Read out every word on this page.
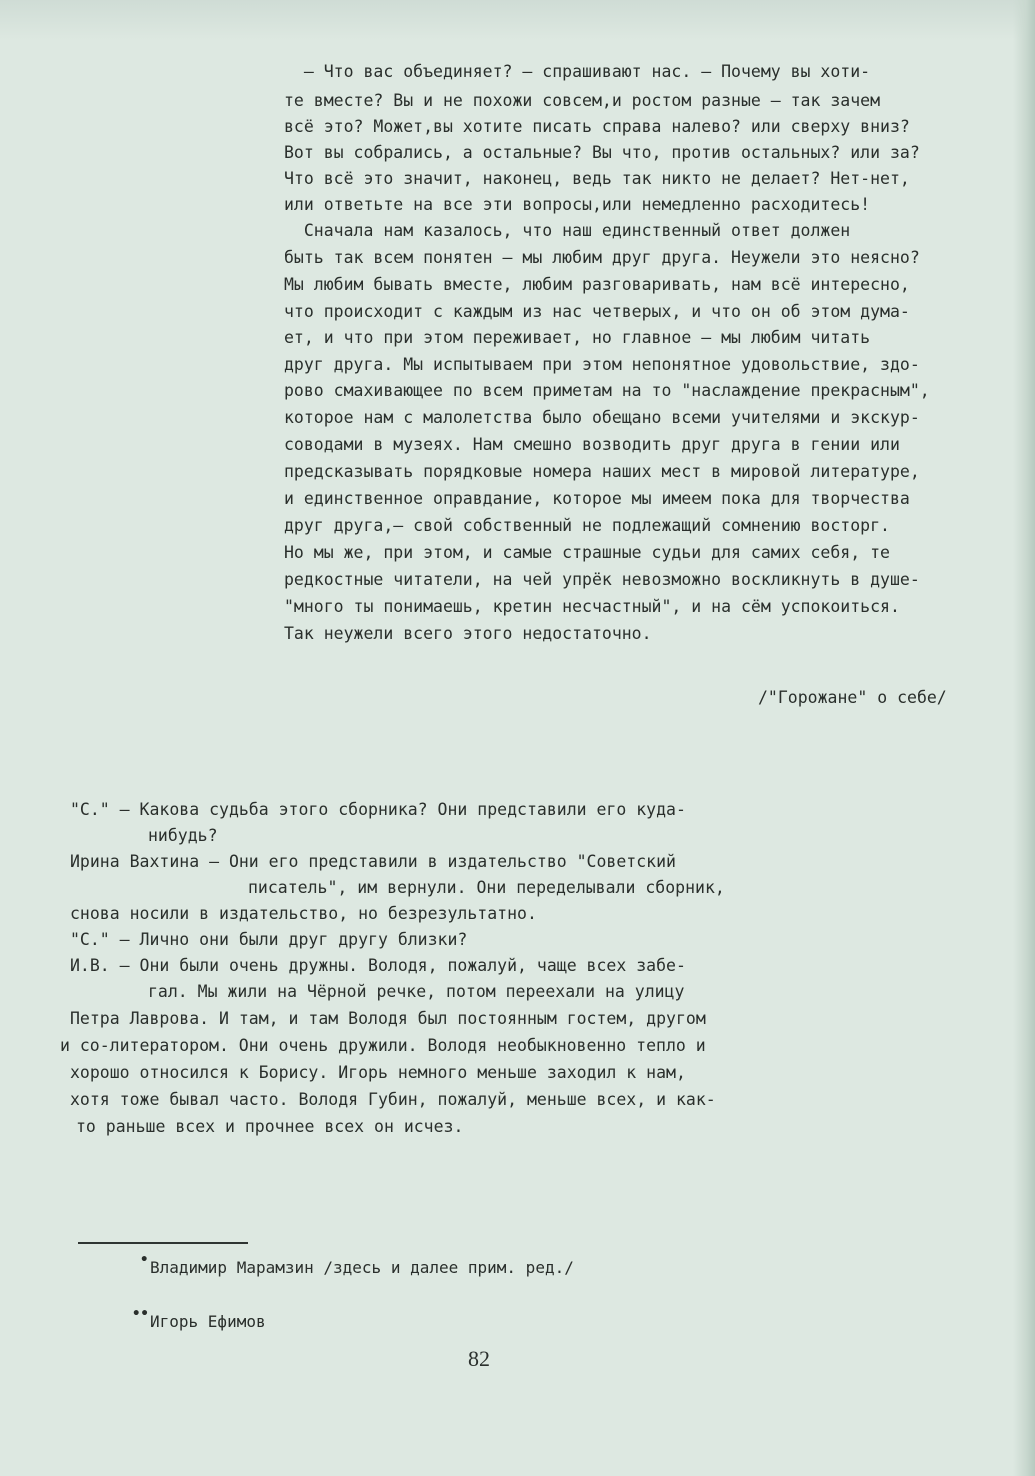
– Что вас объединяет? – спрашивают нас. – Почему вы хоти-
те вместе? Вы и не похожи совсем,и ростом разные – так зачем
всё это? Может,вы хотите писать справа налево? или сверху вниз?
Вот вы собрались, а остальные? Вы что, против остальных? или за?
Что всё это значит, наконец, ведь так никто не делает? Нет-нет,
или ответьте на все эти вопросы,или немедленно расходитесь!
Сначала нам казалось, что наш единственный ответ должен
быть так всем понятен – мы любим друг друга. Неужели это неясно?
Мы любим бывать вместе, любим разговаривать, нам всё интересно,
что происходит с каждым из нас четверых, и что он об этом дума-
ет, и что при этом переживает, но главное – мы любим читать
друг друга. Мы испытываем при этом непонятное удовольствие, здо-
рово смахивающее по всем приметам на то "наслаждение прекрасным",
которое нам с малолетства было обещано всеми учителями и экскур-
соводами в музеях. Нам смешно возводить друг друга в гении или
предсказывать порядковые номера наших мест в мировой литературе,
и единственное оправдание, которое мы имеем пока для творчества
друг друга,– свой собственный не подлежащий сомнению восторг.
Но мы же, при этом, и самые страшные судьи для самих себя, те
редкостные читатели, на чей упрёк невозможно воскликнуть в душе-
"много ты понимаешь, кретин несчастный", и на сём успокоиться.
Так неужели всего этого недостаточно.
/"Горожане" о себе/
"С." – Какова судьба этого сборника? Они представили его куда-
нибудь?
Ирина Вахтина – Они его представили в издательство "Советский
писатель", им вернули. Они переделывали сборник,
снова носили в издательство, но безрезультатно.
"С." – Лично они были друг другу близки?
И.В. – Они были очень дружны. Володя, пожалуй, чаще всех забе-
гал. Мы жили на Чёрной речке, потом переехали на улицу
Петра Лаврова. И там, и там Володя был постоянным гостем, другом
и со-литератором. Они очень дружили. Володя необыкновенно тепло и
хорошо относился к Борису. Игорь немного меньше заходил к нам,
хотя тоже бывал часто. Володя Губин, пожалуй, меньше всех, и как-
то раньше всех и прочнее всех он исчез.
• Владимир Марамзин /здесь и далее прим. ред./
•• Игорь Ефимов
82
